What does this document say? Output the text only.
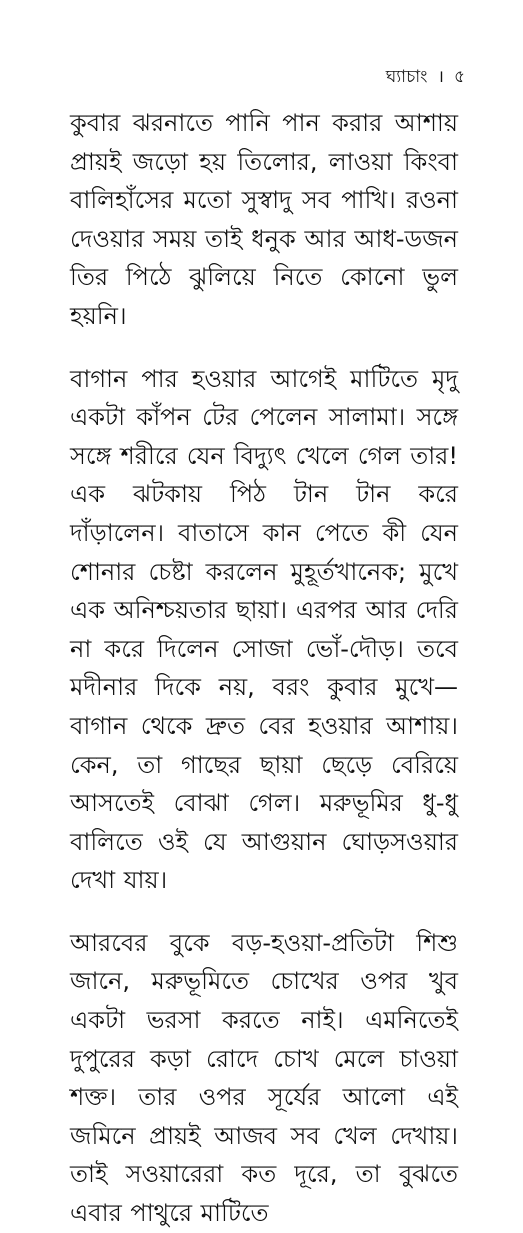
ঘ্যাচাং । ৫

কুবার ঝরনাতে পানি পান করার আশায় প্রায়ই জড়ো হয় তিলোর, লাওয়া কিংবা বালিহাঁসের মতো সুস্বাদু সব পাখি। রওনা দেওয়ার সময় তাই ধনুক আর আধ-ডজন তির পিঠে ঝুলিয়ে নিতে কোনো ভুল হয়নি।

বাগান পার হওয়ার আগেই মাটিতে মৃদু একটা কাঁপন টের পেলেন সালামা। সঙ্গে সঙ্গে শরীরে যেন বিদ্যুৎ খেলে গেল তার! এক ঝটকায় পিঠ টান টান করে দাঁড়ালেন। বাতাসে কান পেতে কী যেন শোনার চেষ্টা করলেন মুহূর্তখানেক; মুখে এক অনিশ্চয়তার ছায়া। এরপর আর দেরি না করে দিলেন সোজা ভোঁ-দৌড়। তবে মদীনার দিকে নয়, বরং কুবার মুখে—বাগান থেকে দ্রুত বের হওয়ার আশায়। কেন, তা গাছের ছায়া ছেড়ে বেরিয়ে আসতেই বোঝা গেল। মরুভূমির ধু-ধু বালিতে ওই যে আগুয়ান ঘোড়সওয়ার দেখা যায়।

আরবের বুকে বড়-হওয়া-প্রতিটা শিশু জানে, মরুভূমিতে চোখের ওপর খুব একটা ভরসা করতে নাই। এমনিতেই দুপুরের কড়া রোদে চোখ মেলে চাওয়া শক্ত। তার ওপর সূর্যের আলো এই জমিনে প্রায়ই আজব সব খেল দেখায়। তাই সওয়ারেরা কত দূরে, তা বুঝতে এবার পাথুরে মাটিতে
